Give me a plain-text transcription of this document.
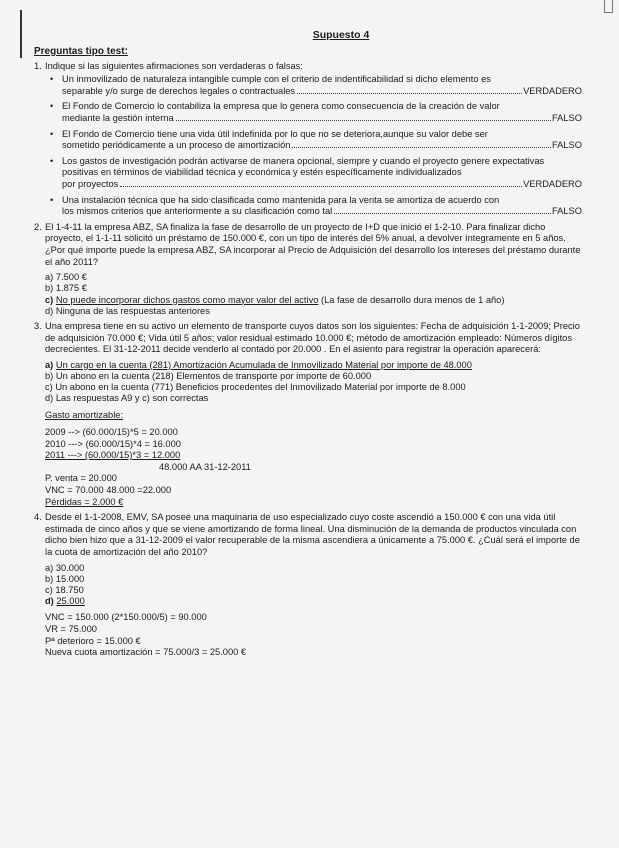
Supuesto 4
Preguntas tipo test:
1. Indique si las siguientes afirmaciones son verdaderas o falsas:
• Un inmovilizado de naturaleza intangible cumple con el criterio de indentificabilidad si dicho elemento es
separable y/o surge de derechos legales o contractuales	VERDADERO
• El Fondo de Comercio lo contabiliza la empresa que lo genera como consecuencia de la creación de valor
mediante la gestión interna	FALSO
• El Fondo de Comercio tiene una vida útil indefinida por lo que no se deteriora,aunque su valor debe ser
sometido periódicamente a un proceso de amortización	FALSO
• Los gastos de investigación podrán activarse de manera opcional, siempre y cuando el proyecto genere expectativas positivas en términos de viabilidad técnica y económica y estén específicamente individualizados
por proyectos	VERDADERO
• Una instalación técnica que ha sido clasificada como mantenida para la venta se amortiza de acuerdo con
los mismos criterios que anteriormente a su clasificación como tal	FALSO
2. El 1-4-11 la empresa ABZ, SA finaliza la fase de desarrollo de un proyecto de I+D que inició el 1-2-10. Para finalizar dicho proyecto, el 1-1-11 solicitó un préstamo de 150.000 €, con un tipo de interés del 5% anual, a devolver íntegramente en 5 años. ¿Por qué importe puede la empresa ABZ, SA incorporar al Precio de Adquisición del desarrollo los intereses del préstamo durante el año 2011?
a) 7.500 €
b) 1.875 €
c) No puede incorporar dichos gastos como mayor valor del activo (La fase de desarrollo dura menos de 1 año)
d) Ninguna de las respuestas anteriores
3. Una empresa tiene en su activo un elemento de transporte cuyos datos son los siguientes: Fecha de adquisición 1-1-2009; Precio de adquisición 70.000 €; Vida útil 5 años; valor residual estimado 10.000 €; método de amortización empleado: Números dígitos decrecientes. El 31-12-2011 decide venderlo al contado por 20.000 . En el asiento para registrar la operación aparecerá:
a) Un cargo en la cuenta (281) Amortización Acumulada de Inmovilizado Material por importe de 48.000
b) Un abono en la cuenta (218) Elementos de transporte por importe de 60.000
c) Un abono en la cuenta (771) Beneficios procedentes del Inmovilizado Material por importe de 8.000
d) Las respuestas A9 y c) son correctas
Gasto amortizable:
2009 --> (60.000/15)*5 = 20.000
2010 ---> (60.000/15)*4 = 16.000
2011 ---> (60.000/15)*3 = 12.000
48.000 AA 31-12-2011
P. venta = 20.000
VNC = 70.000 48.000 =22.000
Pérdidas = 2.000 €
4. Desde el 1-1-2008, EMV, SA posee una maquinaria de uso especializado cuyo coste ascendió a 150.000 € con una vida útil estimada de cinco años y que se viene amortizando de forma lineal. Una disminución de la demanda de productos vinculada con dicho bien hizo que a 31-12-2009 el valor recuperable de la misma ascendiera a únicamente a 75.000 €. ¿Cuál será el importe de la cuota de amortización del año 2010?
a) 30.000
b) 15.000
c) 18.750
d) 25.000
VNC = 150.000 (2*150.000/5) = 90.000
VR = 75.000
Pª deterioro = 15.000 €
Nueva cuota amortización = 75.000/3 = 25.000 €
